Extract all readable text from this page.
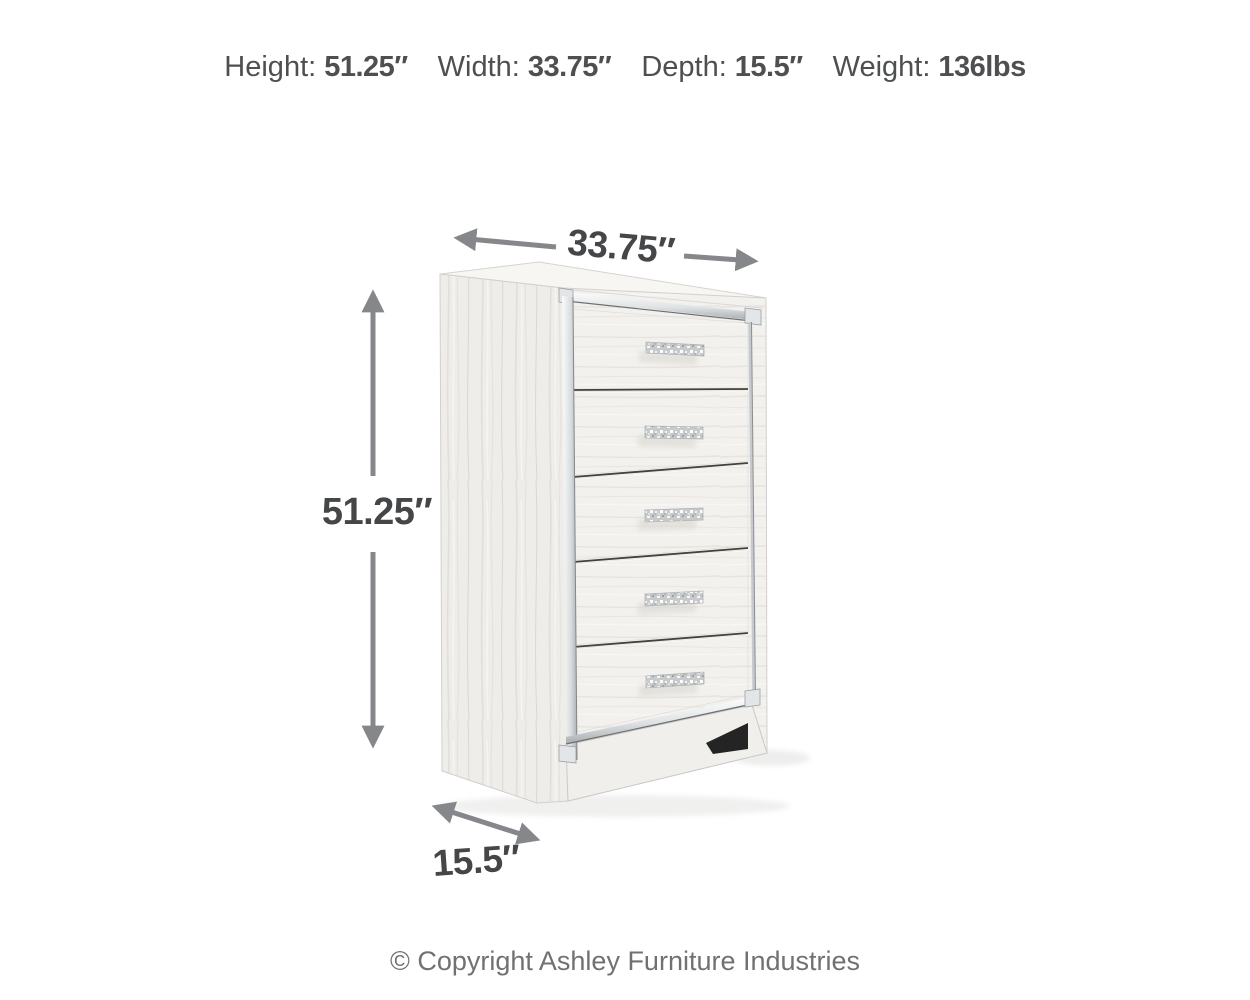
Height: 51.25″ Width: 33.75″ Depth: 15.5″ Weight: 136lbs
33.75″
51.25″
15.5″
© Copyright Ashley Furniture Industries
